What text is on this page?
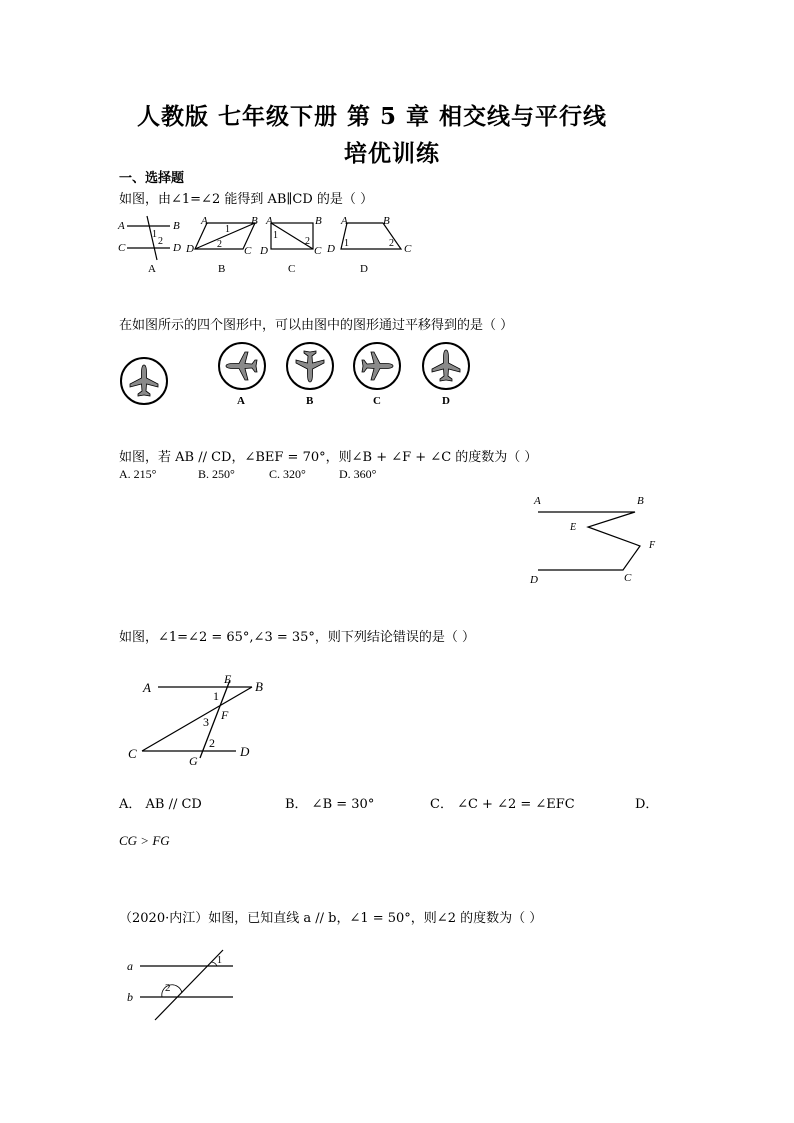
人教版 七年级下册 第 5 章 相交线与平行线
培优训练
一、选择题
如图，由∠1=∠2 能得到 AB∥CD 的是（ ）
A	B
C	D
1
2
A	B
D	C
1
2
A	B
D	C
1
2
A	B
D	C
1	2
A	B	C	D
在如图所示的四个图形中，可以由图中的图形通过平移得到的是（ ）
A	B	C	D
如图，若 AB // CD，∠BEF = 70°，则∠B + ∠F + ∠C 的度数为（ ）
A. 215°	B. 250°	C. 320°	D. 360°
A	B
E
F
D	C
如图，∠1=∠2 = 65°,∠3 = 35°，则下列结论错误的是（ ）
A
E B
1
F
3
2
C	G
D
A． AB // CD	B． ∠B = 30°	C． ∠C + ∠2 = ∠EFC	D．
CG > FG
（2020·内江）如图，已知直线 a // b，∠1 = 50°，则∠2 的度数为（ ）
a
b
1
2
